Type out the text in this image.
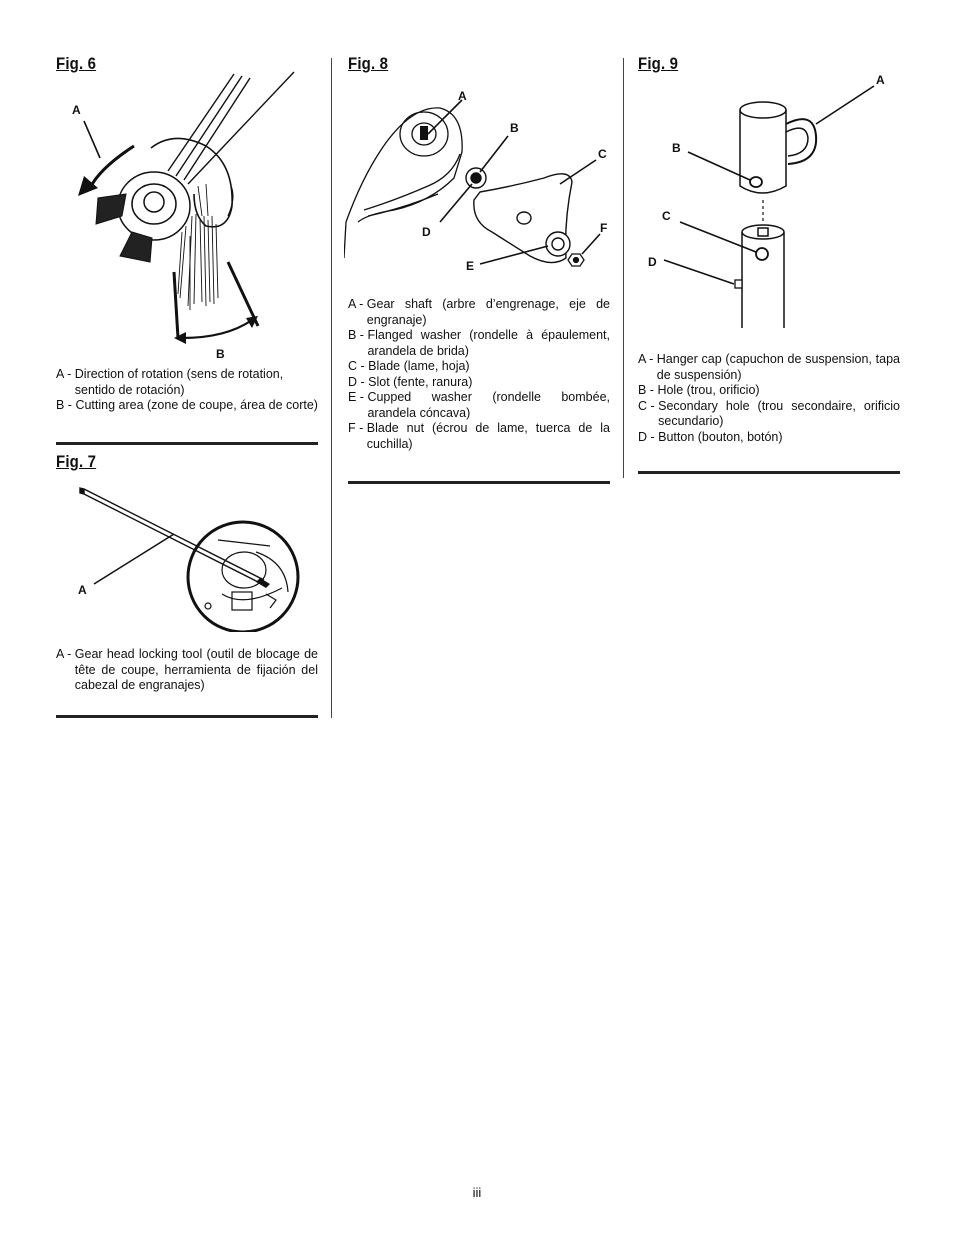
Fig. 6
A
B
A - Direction of rotation (sens de rotation, sentido de rotación)
B - Cutting area (zone de coupe, área de corte)
Fig. 7
A
A - Gear head locking tool (outil de blocage de tête de coupe, herramienta de fijación del cabezal de engranajes)
Fig. 8
A
B
C
D
E
F
A - Gear shaft (arbre d’engrenage, eje de engranaje)
B - Flanged washer (rondelle à épaulement, arandela de brida)
C - Blade (lame, hoja)
D - Slot (fente, ranura)
E - Cupped washer (rondelle bombée, arandela cóncava)
F - Blade nut (écrou de lame, tuerca de la cuchilla)
Fig. 9
A
B
C
D
A - Hanger cap (capuchon de suspension, tapa de suspensión)
B - Hole (trou, orificio)
C - Secondary hole (trou secondaire, orificio secundario)
D - Button (bouton, botón)
iii
